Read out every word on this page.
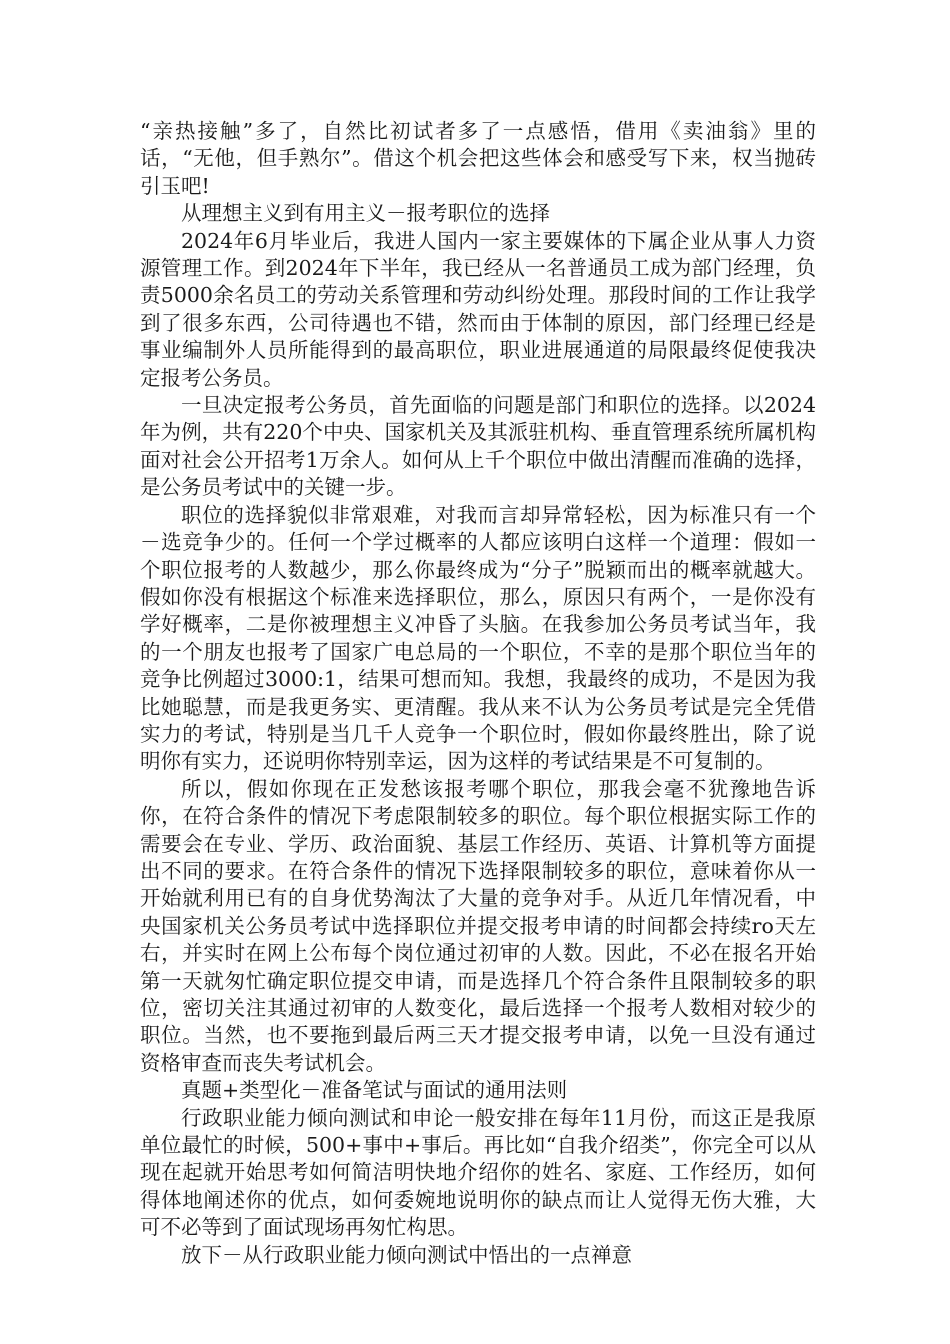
“亲热接触”多了，自然比初试者多了一点感悟，借用《卖油翁》里的话，“无他，但手熟尔”。借这个机会把这些体会和感受写下来，权当抛砖引玉吧!

从理想主义到有用主义－报考职位的选择

2024年6月毕业后，我进人国内一家主要媒体的下属企业从事人力资源管理工作。到2024年下半年，我已经从一名普通员工成为部门经理，负责5000余名员工的劳动关系管理和劳动纠纷处理。那段时间的工作让我学到了很多东西，公司待遇也不错，然而由于体制的原因，部门经理已经是事业编制外人员所能得到的最高职位，职业进展通道的局限最终促使我决定报考公务员。

一旦决定报考公务员，首先面临的问题是部门和职位的选择。以2024年为例，共有220个中央、国家机关及其派驻机构、垂直管理系统所属机构面对社会公开招考1万余人。如何从上千个职位中做出清醒而准确的选择，是公务员考试中的关键一步。

职位的选择貌似非常艰难，对我而言却异常轻松，因为标准只有一个－选竞争少的。任何一个学过概率的人都应该明白这样一个道理：假如一个职位报考的人数越少，那么你最终成为“分子”脱颖而出的概率就越大。假如你没有根据这个标准来选择职位，那么，原因只有两个，一是你没有学好概率，二是你被理想主义冲昏了头脑。在我参加公务员考试当年，我的一个朋友也报考了国家广电总局的一个职位，不幸的是那个职位当年的竞争比例超过3000:1，结果可想而知。我想，我最终的成功，不是因为我比她聪慧，而是我更务实、更清醒。我从来不认为公务员考试是完全凭借实力的考试，特别是当几千人竞争一个职位时，假如你最终胜出，除了说明你有实力，还说明你特别幸运，因为这样的考试结果是不可复制的。

所以，假如你现在正发愁该报考哪个职位，那我会毫不犹豫地告诉你，在符合条件的情况下考虑限制较多的职位。每个职位根据实际工作的需要会在专业、学历、政治面貌、基层工作经历、英语、计算机等方面提出不同的要求。在符合条件的情况下选择限制较多的职位，意味着你从一开始就利用已有的自身优势淘汰了大量的竞争对手。从近几年情况看，中央国家机关公务员考试中选择职位并提交报考申请的时间都会持续ro天左右，并实时在网上公布每个岗位通过初审的人数。因此，不必在报名开始第一天就匆忙确定职位提交申请，而是选择几个符合条件且限制较多的职位，密切关注其通过初审的人数变化，最后选择一个报考人数相对较少的职位。当然，也不要拖到最后两三天才提交报考申请，以免一旦没有通过资格审查而丧失考试机会。

真题+类型化－准备笔试与面试的通用法则

行政职业能力倾向测试和申论一般安排在每年11月份，而这正是我原单位最忙的时候，500+事中+事后。再比如“自我介绍类”，你完全可以从现在起就开始思考如何简洁明快地介绍你的姓名、家庭、工作经历，如何得体地阐述你的优点，如何委婉地说明你的缺点而让人觉得无伤大雅，大可不必等到了面试现场再匆忙构思。

放下－从行政职业能力倾向测试中悟出的一点禅意
